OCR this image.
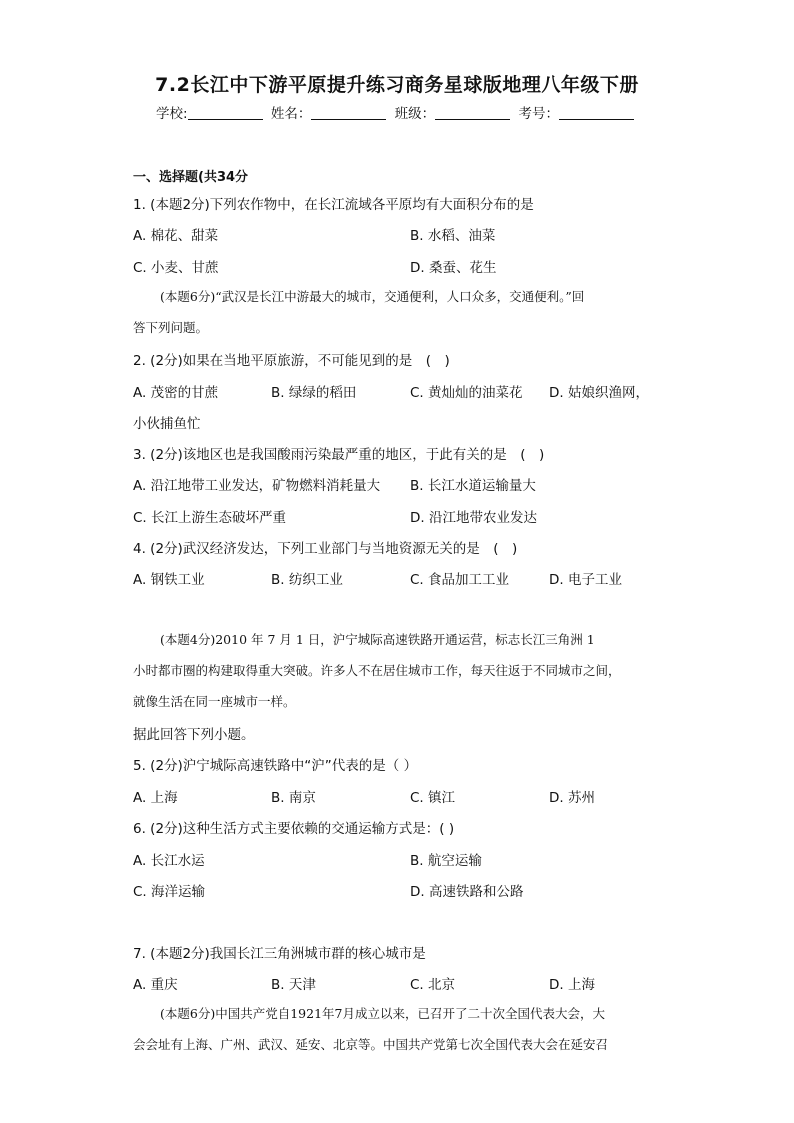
7.2长江中下游平原提升练习商务星球版地理八年级下册
学校:	姓名：	班级：	考号：
一、选择题(共34分
1. (本题2分)下列农作物中，在长江流域各平原均有大面积分布的是
A. 棉花、甜菜	B. 水稻、油菜
C. 小麦、甘蔗	D. 桑蚕、花生
(本题6分)“武汉是长江中游最大的城市，交通便利，人口众多，交通便利。”回
答下列问题。
2. (2分)如果在当地平原旅游，不可能见到的是　(　)
A. 茂密的甘蔗	B. 绿绿的稻田	C. 黄灿灿的油菜花 D. 姑娘织渔网，
小伙捕鱼忙
3. (2分)该地区也是我国酸雨污染最严重的地区，于此有关的是　(　)
A. 沿江地带工业发达，矿物燃料消耗量大 B. 长江水道运输量大
C. 长江上游生态破坏严重	D. 沿江地带农业发达
4. (2分)武汉经济发达，下列工业部门与当地资源无关的是　(　)
A. 钢铁工业	B. 纺织工业	C. 食品加工工业	D. 电子工业
(本题4分)2010 年 7 月 1 日，沪宁城际高速铁路开通运营，标志长江三角洲 1
小时都市圈的构建取得重大突破。许多人不在居住城市工作，每天往返于不同城市之间，
就像生活在同一座城市一样。
据此回答下列小题。
5. (2分)沪宁城际高速铁路中“沪”代表的是（ ）
A. 上海	B. 南京	C. 镇江	D. 苏州
6. (2分)这种生活方式主要依赖的交通运输方式是：( )
A. 长江水运	B. 航空运输
C. 海洋运输	D. 高速铁路和公路
7. (本题2分)我国长江三角洲城市群的核心城市是
A. 重庆	B. 天津	C. 北京	D. 上海
(本题6分)中国共产党自1921年7月成立以来，已召开了二十次全国代表大会，大
会会址有上海、广州、武汉、延安、北京等。中国共产党第七次全国代表大会在延安召
